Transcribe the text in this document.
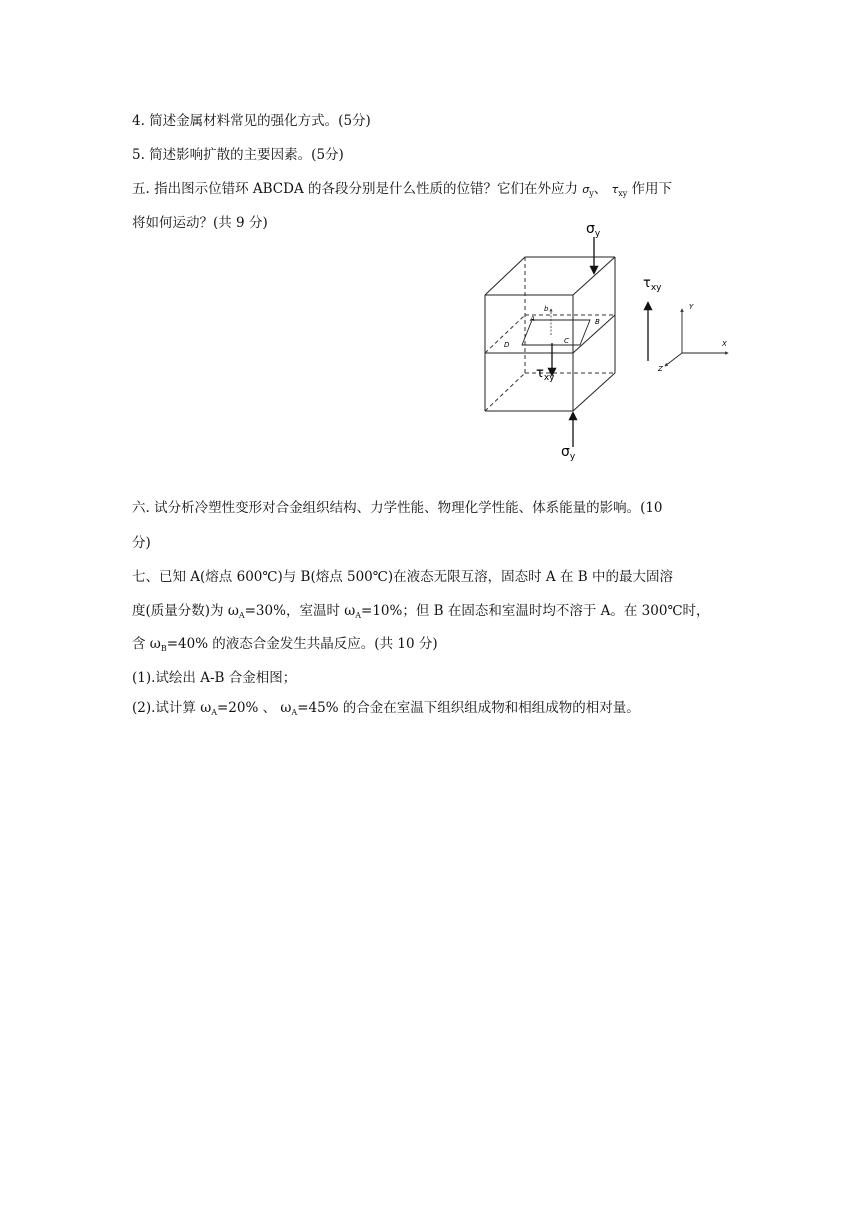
4. 简述金属材料常见的强化方式。(5分)
5. 简述影响扩散的主要因素。(5分)
五. 指出图示位错环 ABCDA 的各段分别是什么性质的位错？它们在外应力 $\sigma_y$、 $\tau_{xy}$ 作用下
将如何运动？(共 9 分)
b
A	B
C
D
$\sigma_y$
$\sigma_y$
$\tau_{xy}$
$\tau_{xy}$
Y
X
Z
六. 试分析冷塑性变形对合金组织结构、力学性能、物理化学性能、体系能量的影响。(10
分)
七、已知 A(熔点 600℃)与 B(熔点 500℃)在液态无限互溶，固态时 A 在 B 中的最大固溶
度(质量分数)为 $\omega_A=30\%$，室温时 $\omega_A=10\%$；但 B 在固态和室温时均不溶于 A。在 300℃时，
含 $\omega_B=40\%$ 的液态合金发生共晶反应。(共 10 分)
(1).试绘出 A-B 合金相图；
(2).试计算 $\omega_A=20\%$ 、 $\omega_A=45\%$ 的合金在室温下组织组成物和相组成物的相对量。
